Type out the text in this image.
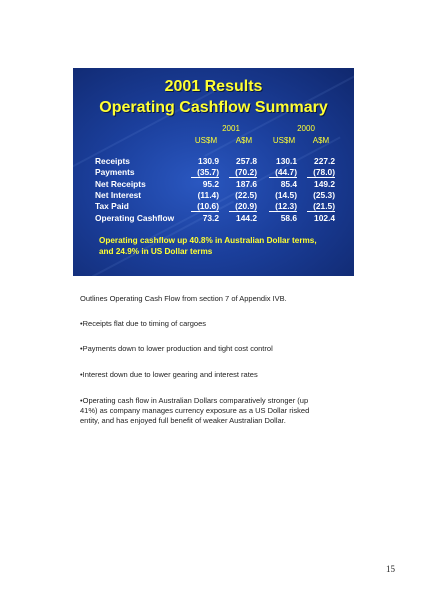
2001 Results
Operating Cashflow Summary
2001	2000
US$M	A$M	US$M	A$M
Receipts	130.9	257.8	130.1	227.2
Payments	(35.7)	(70.2)	(44.7)	(78.0)
Net Receipts	95.2	187.6	85.4	149.2
Net Interest	(11.4)	(22.5)	(14.5)	(25.3)
Tax Paid	(10.6)	(20.9)	(12.3)	(21.5)
Operating Cashflow	73.2	144.2	58.6	102.4
Operating cashflow up 40.8% in Australian Dollar terms,
and 24.9% in US Dollar terms
Outlines Operating Cash Flow from section 7 of Appendix IVB.
•Receipts flat due to timing of cargoes
•Payments down to lower production and tight cost control
•Interest down due to lower gearing and interest rates
•Operating cash flow in Australian Dollars comparatively stronger (up
41%) as company manages currency exposure as a US Dollar risked
entity, and has enjoyed full benefit of weaker Australian Dollar.
15
